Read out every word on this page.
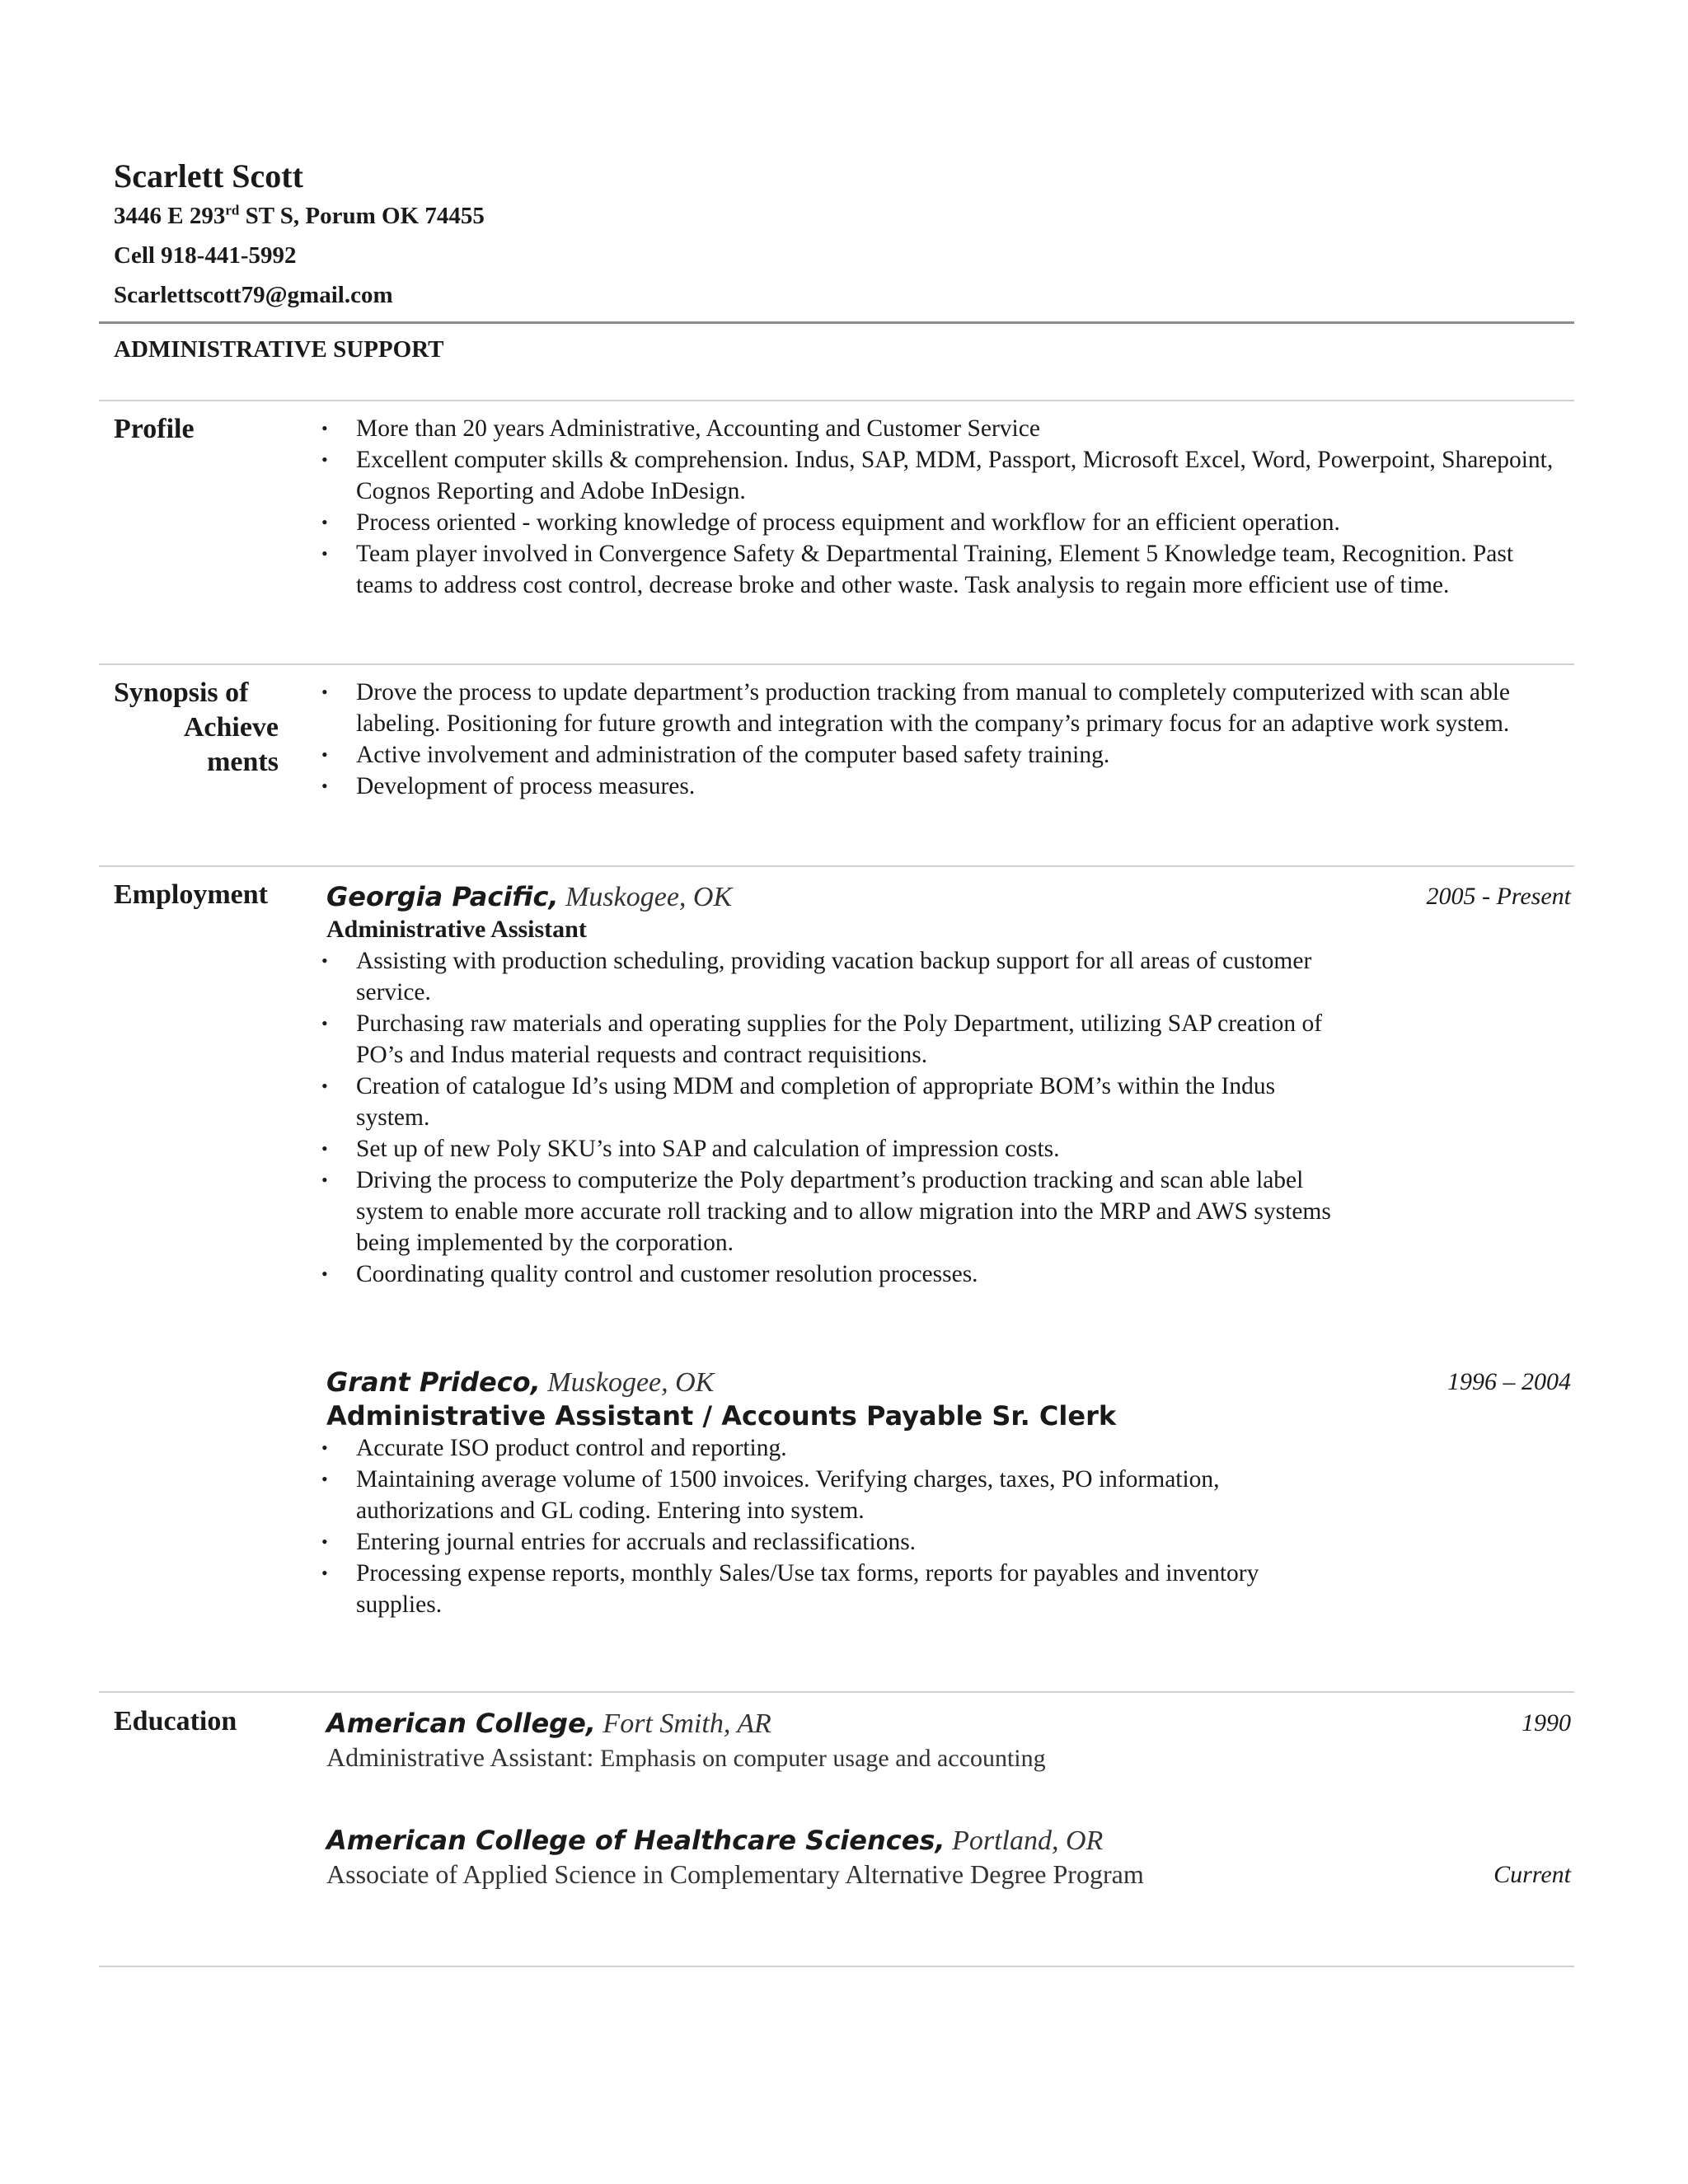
Scarlett Scott
3446 E 293rd ST S, Porum OK 74455
Cell 918-441-5992
Scarlettscott79@gmail.com
ADMINISTRATIVE SUPPORT
Profile
•	More than 20 years Administrative, Accounting and Customer Service
• Excellent computer skills & comprehension. Indus, SAP, MDM, Passport, Microsoft Excel, Word, Powerpoint, Sharepoint, Cognos Reporting and Adobe InDesign.
• Process oriented - working knowledge of process equipment and workflow for an efficient operation.
• Team player involved in Convergence Safety & Departmental Training, Element 5 Knowledge team, Recognition. Past teams to address cost control, decrease broke and other waste. Task analysis to regain more efficient use of time.
Synopsis of
Achieve
ments
• Drove the process to update department’s production tracking from manual to completely computerized with scan able labeling. Positioning for future growth and integration with the company’s primary focus for an adaptive work system.
• Active involvement and administration of the computer based safety training.
• Development of process measures.
Employment Georgia Pacific, Muskogee, OK	2005 - Present
Administrative Assistant
• Assisting with production scheduling, providing vacation backup support for all areas of customer service.
• Purchasing raw materials and operating supplies for the Poly Department, utilizing SAP creation of PO’s and Indus material requests and contract requisitions.
• Creation of catalogue Id’s using MDM and completion of appropriate BOM’s within the Indus system.
• Set up of new Poly SKU’s into SAP and calculation of impression costs.
• Driving the process to computerize the Poly department’s production tracking and scan able label system to enable more accurate roll tracking and to allow migration into the MRP and AWS systems being implemented by the corporation.
• Coordinating quality control and customer resolution processes.
Grant Prideco, Muskogee, OK	1996 – 2004
Administrative Assistant / Accounts Payable Sr. Clerk
• Accurate ISO product control and reporting.
• Maintaining average volume of 1500 invoices. Verifying charges, taxes, PO information, authorizations and GL coding. Entering into system.
• Entering journal entries for accruals and reclassifications.
• Processing expense reports, monthly Sales/Use tax forms, reports for payables and inventory supplies.
Education	American College, Fort Smith, AR	1990
Administrative Assistant: Emphasis on computer usage and accounting
American College of Healthcare Sciences, Portland, OR
Current
Associate of Applied Science in Complementary Alternative Degree Program
